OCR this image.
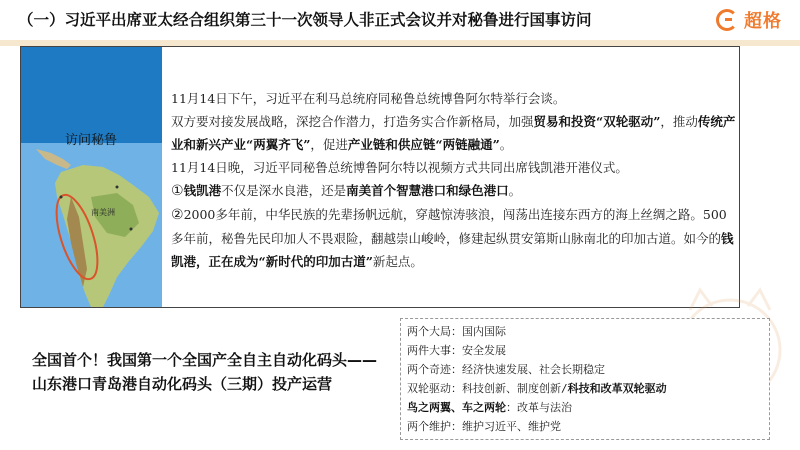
（一）习近平出席亚太经合组织第三十一次领导人非正式会议并对秘鲁进行国事访问	超格
南美洲
访问秘鲁

11月14日下午，习近平在利马总统府同秘鲁总统博鲁阿尔特举行会谈。

双方要对接发展战略，深挖合作潜力，打造务实合作新格局，加强贸易和投资“双轮驱动”，推动传统产业和新兴产业“两翼齐飞”，促进产业链和供应链“两链融通”。

11月14日晚，习近平同秘鲁总统博鲁阿尔特以视频方式共同出席钱凯港开港仪式。

①钱凯港不仅是深水良港，还是南美首个智慧港口和绿色港口。

②2000多年前，中华民族的先辈扬帆远航，穿越惊涛骇浪，闯荡出连接东西方的海上丝绸之路。500多年前，秘鲁先民印加人不畏艰险，翻越崇山峻岭，修建起纵贯安第斯山脉南北的印加古道。如今的钱凯港，正在成为“新时代的印加古道”新起点。

全国首个！我国第一个全国产全自主自动化码头——山东港口青岛港自动化码头（三期）投产运营
两个大局：国内国际
两件大事：安全发展
两个奇迹：经济快速发展、社会长期稳定
双轮驱动：科技创新、制度创新/科技和改革双轮驱动
鸟之两翼、车之两轮：改革与法治
两个维护：维护习近平、维护党
